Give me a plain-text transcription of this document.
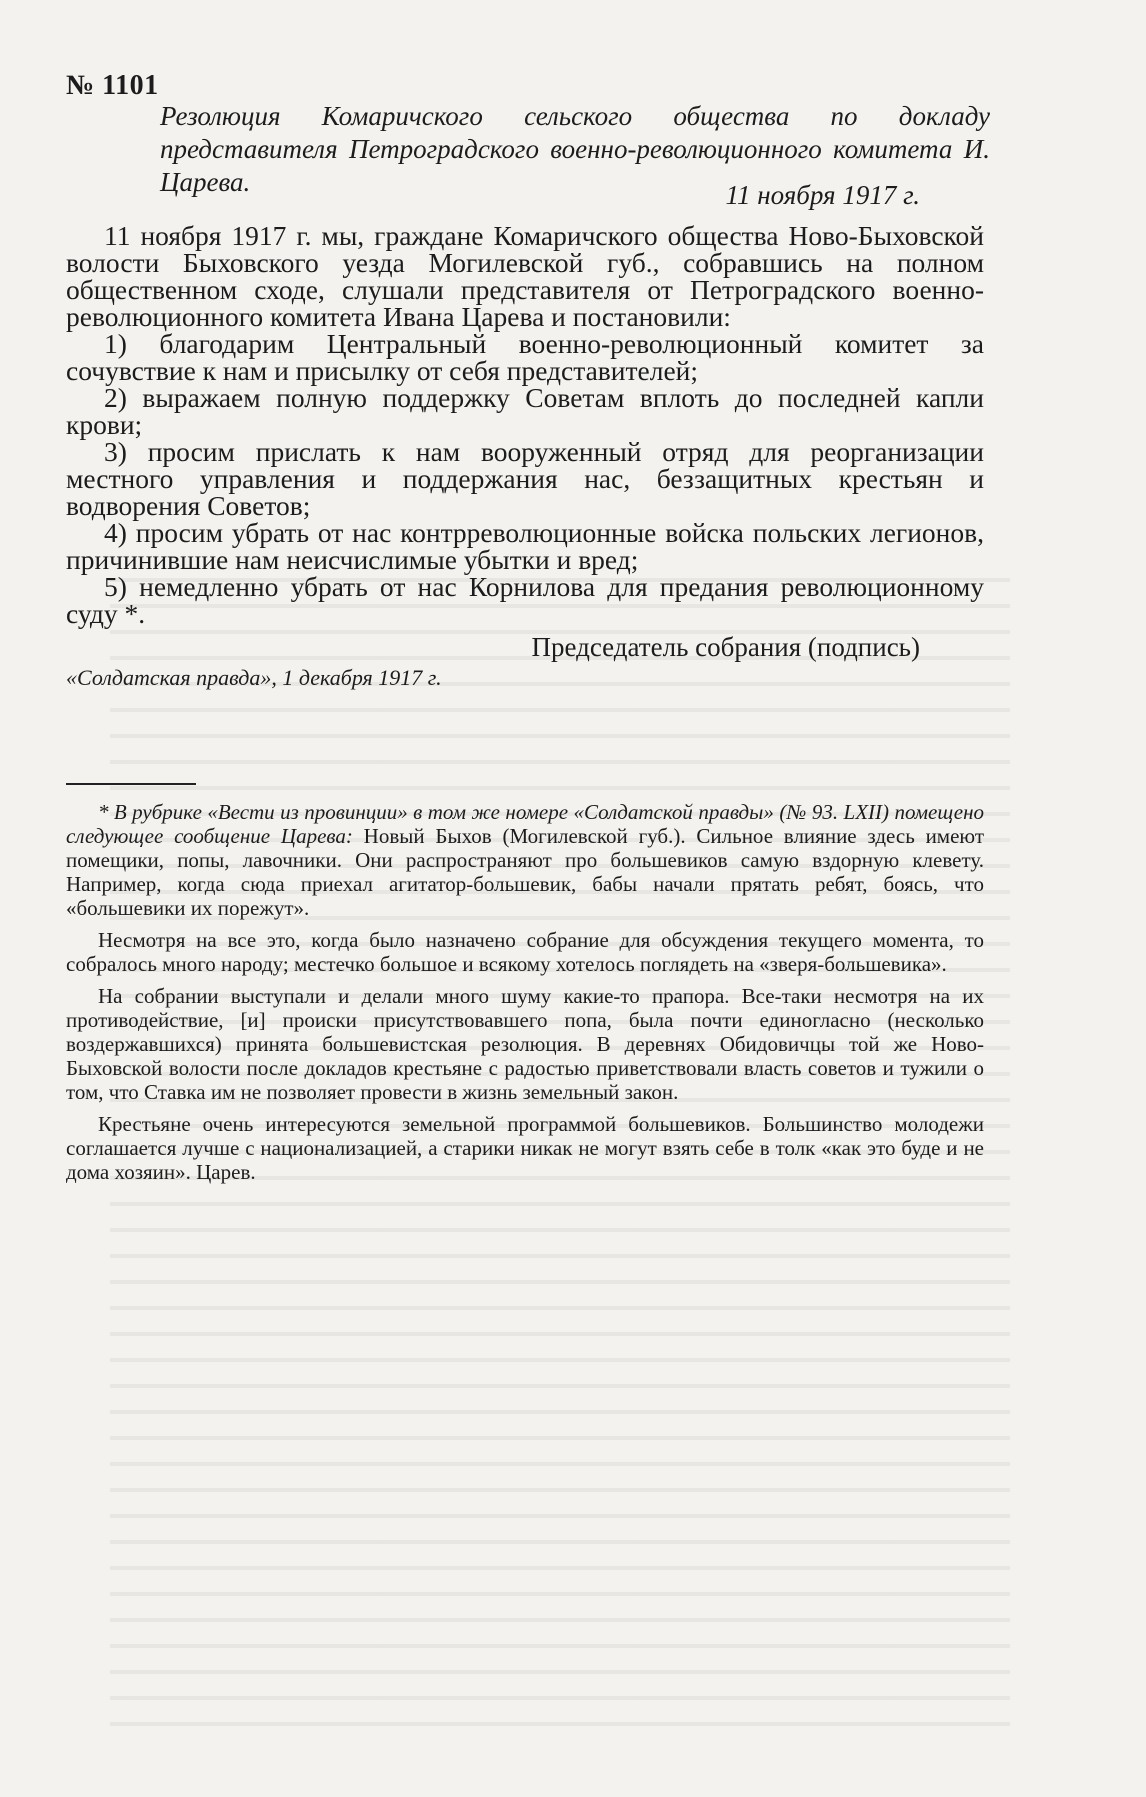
№ 1101
Резолюция Комаричского сельского общества по докладу представителя Петроградского военно-революционного комитета И. Царева.	11 ноября 1917 г.

11 ноября 1917 г. мы, граждане Комаричского общества Ново-Быховской волости Быховского уезда Могилевской губ., собравшись на полном общественном сходе, слушали представителя от Петроградского военно-революционного комитета Ивана Царева и постановили:

1) благодарим Центральный военно-революционный комитет за сочувствие к нам и присылку от себя представителей;

2) выражаем полную поддержку Советам вплоть до последней капли крови;

3) просим прислать к нам вооруженный отряд для реорганизации местного управления и поддержания нас, беззащитных крестьян и водворения Советов;

4) просим убрать от нас контрреволюционные войска польских легионов, причинившие нам неисчислимые убытки и вред;

5) немедленно убрать от нас Корнилова для предания революционному суду *.

Председатель собрания (подпись)
«Солдатская правда», 1 декабря 1917 г.

* В рубрике «Вести из провинции» в том же номере «Солдатской правды» (№ 93. LXII) помещено следующее сообщение Царева: Новый Быхов (Могилевской губ.). Сильное влияние здесь имеют помещики, попы, лавочники. Они распространяют про большевиков самую вздорную клевету. Например, когда сюда приехал агитатор-большевик, бабы начали прятать ребят, боясь, что «большевики их порежут».

Несмотря на все это, когда было назначено собрание для обсуждения текущего момента, то собралось много народу; местечко большое и всякому хотелось поглядеть на «зверя-большевика».

На собрании выступали и делали много шуму какие-то прапора. Все-таки несмотря на их противодействие, [и] происки присутствовавшего попа, была почти единогласно (несколько воздержавшихся) принята большевистская резолюция. В деревнях Обидовичцы той же Ново-Быховской волости после докладов крестьяне с радостью приветствовали власть советов и тужили о том, что Ставка им не позволяет провести в жизнь земельный закон.

Крестьяне очень интересуются земельной программой большевиков. Большинство молодежи соглашается лучше с национализацией, а старики никак не могут взять себе в толк «как это буде и не дома хозяин». Царев.
